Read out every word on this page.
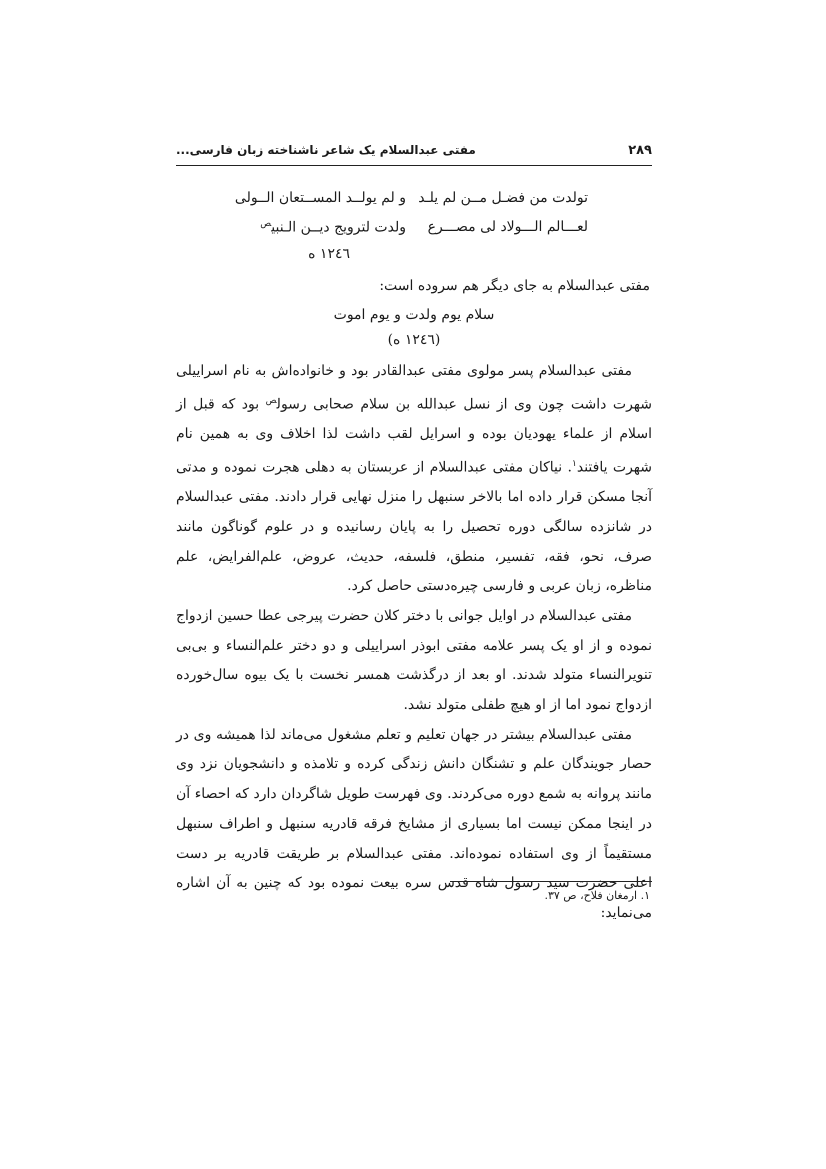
۲۸۹
مفتی عبدالسلام یک شاعر ناشناخته زبان فارسی...
تولدت من فضـل مــن لم يلـد
و لم يولــد المســتعان الــولی
لعـــالم الـــولاد لی مصـــرع
ولدت لترويج ديــن الـنبی$^ص$
۱۲٤٦ ه
مفتی عبدالسلام به جای دیگر هم سروده است:
سلام یوم ولدت و یوم اموت
(۱۲٤٦ ه)

مفتی عبدالسلام پسر مولوی مفتی عبدالقادر بود و خانواده‌اش به نام اسراییلی شهرت داشت چون وی از نسل عبدالله بن سلام صحابی رسول$^ص$ بود که قبل از اسلام از علماء یهودیان بوده و اسرایل لقب داشت لذا اخلاف وی به همین نام شهرت یافتند$^۱$. نیاکان مفتی عبدالسلام از عربستان به دهلی هجرت نموده و مدتی آنجا مسکن قرار داده اما بالاخر سنبهل را منزل نهایی قرار دادند. مفتی عبدالسلام در شانزده سالگی دوره تحصیل را به پایان رسانیده و در علوم گوناگون مانند صرف، نحو، فقه، تفسیر، منطق، فلسفه، حدیث، عروض، علم‌الفرایض، علم مناظره، زبان عربی و فارسی چیره‌دستی حاصل کرد.

مفتی عبدالسلام در اوایل جوانی با دختر کلان حضرت پیرجی عطا حسین ازدواج نموده و از او یک پسر علامه مفتی ابوذر اسراییلی و دو دختر علم‌النساء و بی‌بی تنویرالنساء متولد شدند. او بعد از درگذشت همسر نخست با یک بیوه سال‌خورده ازدواج نمود اما از او هیچ طفلی متولد نشد.

مفتی عبدالسلام بیشتر در جهان تعلیم و تعلم مشغول می‌ماند لذا همیشه وی در حصار جویندگان علم و تشنگان دانش زندگی کرده و تلامذه و دانشجویان نزد وی مانند پروانه به شمع دوره می‌کردند. وی فهرست طویل شاگردان دارد که احصاء آن در اینجا ممکن نیست اما بسیاری از مشایخ فرقه قادریه سنبهل و اطراف سنبهل مستقیماً از وی استفاده نموده‌اند. مفتی عبدالسلام بر طریقت قادریه بر دست اعلی حضرت سید رسول شاه قدس سره بیعت نموده بود که چنین به آن اشاره می‌نماید:

۱. ارمغان فلاح، ص ۳۷.
